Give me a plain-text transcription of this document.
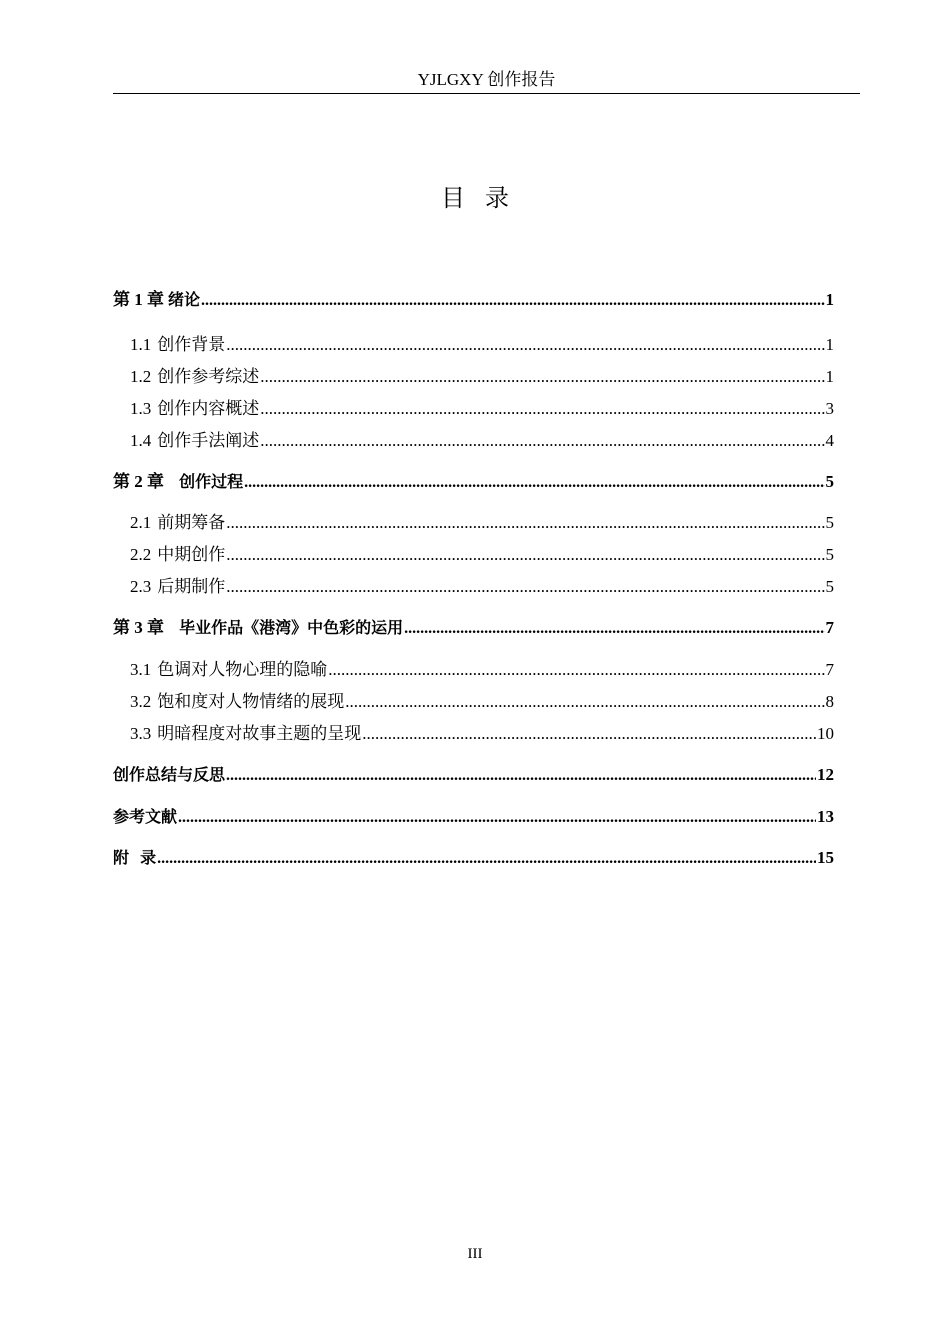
YJLGXY 创作报告
目录
第 1 章 绪论 .....	1
1.1 创作背景 .....	1
1.2 创作参考综述 .....	1
1.3 创作内容概述 .....	3
1.4 创作手法阐述 .....	4
第 2 章 创作过程 .....	5
2.1 前期筹备 .....	5
2.2 中期创作 .....	5
2.3 后期制作 .....	5
第 3 章 毕业作品《港湾》中色彩的运用 .....	7
3.1 色调对人物心理的隐喻 .....	7
3.2 饱和度对人物情绪的展现 .....	8
3.3 明暗程度对故事主题的呈现 .....	10
创作总结与反思 .....	12
参考文献 .....	13
附  录 .....	15
III
